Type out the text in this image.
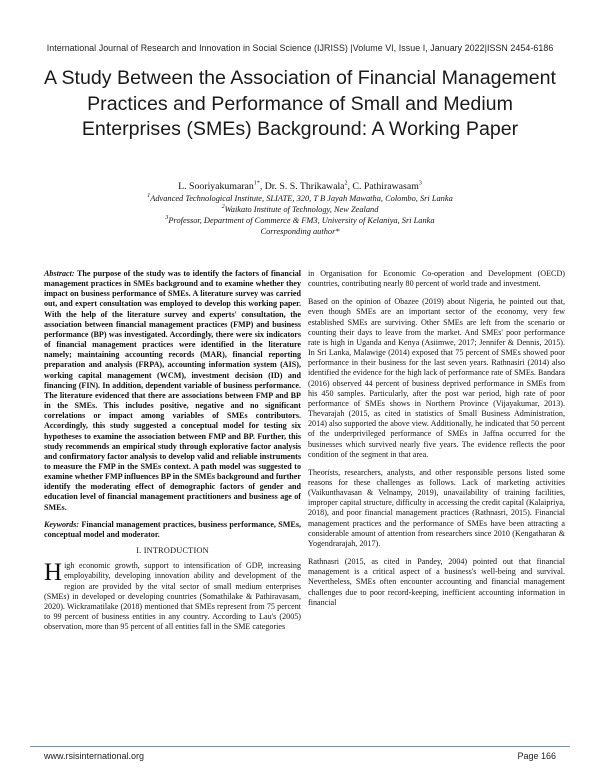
International Journal of Research and Innovation in Social Science (IJRISS) |Volume VI, Issue I, January 2022|ISSN 2454-6186
A Study Between the Association of Financial Management Practices and Performance of Small and Medium Enterprises (SMEs) Background: A Working Paper
L. Sooriyakumaran$^{1*}$, Dr. S. S. Thrikawala$^2$, C. Pathirawasam$^3$
$^1$Advanced Technological Institute, SLIATE, 320, T B Jayah Mawatha, Colombo, Sri Lanka
$^2$Waikato Institute of Technology, New Zealand
$^3$Professor, Department of Commerce & FM3, University of Kelaniya, Sri Lanka
Corresponding author*

Abstract: The purpose of the study was to identify the factors of financial management practices in SMEs background and to examine whether they impact on business performance of SMEs. A literature survey was carried out, and expert consultation was employed to develop this working paper. With the help of the literature survey and experts' consultation, the association between financial management practices (FMP) and business performance (BP) was investigated. Accordingly, there were six indicators of financial management practices were identified in the literature namely; maintaining accounting records (MAR), financial reporting preparation and analysis (FRPA), accounting information system (AIS), working capital management (WCM), investment decision (ID) and financing (FIN). In addition, dependent variable of business performance. The literature evidenced that there are associations between FMP and BP in the SMEs. This includes positive, negative and no significant correlations or impact among variables of SMEs contributors. Accordingly, this study suggested a conceptual model for testing six hypotheses to examine the association between FMP and BP. Further, this study recommends an empirical study through explorative factor analysis and confirmatory factor analysis to develop valid and reliable instruments to measure the FMP in the SMEs context. A path model was suggested to examine whether FMP influences BP in the SMEs background and further identify the moderating effect of demographic factors of gender and education level of financial management practitioners and business age of SMEs.

Keywords: Financial management practices, business performance, SMEs, conceptual model and moderator.

I. INTRODUCTION

High economic growth, support to intensification of GDP, increasing employability, developing innovation ability and development of the region are provided by the vital sector of small medium enterprises (SMEs) in developed or developing countries (Somathilake & Pathiravasam, 2020). Wickramatilake (2018) mentioned that SMEs represent from 75 percent to 99 percent of business entities in any country. According to Lau's (2005) observation, more than 95 percent of all entities fall in the SME categories

in Organisation for Economic Co-operation and Development (OECD) countries, contributing nearly 80 percent of world trade and investment.

Based on the opinion of Obazee (2019) about Nigeria, he pointed out that, even though SMEs are an important sector of the economy, very few established SMEs are surviving. Other SMEs are left from the scenario or counting their days to leave from the market. And SMEs' poor performance rate is high in Uganda and Kenya (Asiimwe, 2017; Jennifer & Dennis, 2015). In Sri Lanka, Malawige (2014) exposed that 75 percent of SMEs showed poor performance in their business for the last seven years. Rathnasiri (2014) also identified the evidence for the high lack of performance rate of SMEs. Bandara (2016) observed 44 percent of business deprived performance in SMEs from his 450 samples. Particularly, after the post war period, high rate of poor performance of SMEs shows in Northern Province (Vijayakumar, 2013). Thevarajah (2015, as cited in statistics of Small Business Administration, 2014) also supported the above view. Additionally, he indicated that 50 percent of the underprivileged performance of SMEs in Jaffna occurred for the businesses which survived nearly five years. The evidence reflects the poor condition of the segment in that area.

Theorists, researchers, analysts, and other responsible persons listed some reasons for these challenges as follows. Lack of marketing activities (Vaikunthavasan & Velnampy, 2019), unavailability of training facilities, improper capital structure, difficulty in accessing the credit capital (Kalaipriya, 2018), and poor financial management practices (Rathnasri, 2015). Financial management practices and the performance of SMEs have been attracting a considerable amount of attention from researchers since 2010 (Kengatharan & Yogendrarajah, 2017).

Rathnasri (2015, as cited in Pandey, 2004) pointed out that financial management is a critical aspect of a business's well-being and survival. Nevertheless, SMEs often encounter accounting and financial management challenges due to poor record-keeping, inefficient accounting information in financial

www.rsisinternational.org	Page 166
